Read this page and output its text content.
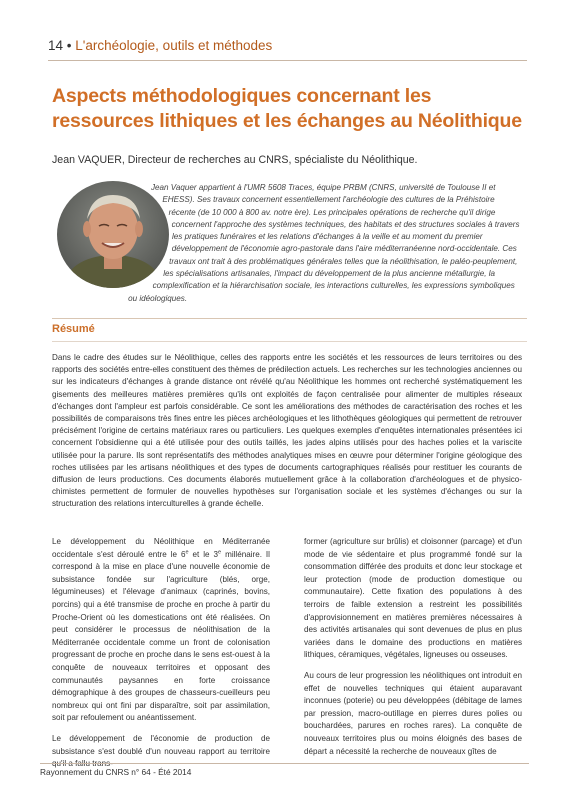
14 • L'archéologie, outils et méthodes
Aspects méthodologiques concernant les ressources lithiques et les échanges au Néolithique
Jean VAQUER, Directeur de recherches au CNRS, spécialiste du Néolithique.
Jean Vaquer appartient à l'UMR 5608 Traces, équipe PRBM (CNRS, université de Toulouse II et EHESS). Ses travaux concernent essentiellement l'archéologie des cultures de la Préhistoire récente (de 10 000 à 800 av. notre ère). Les principales opérations de recherche qu'il dirige concernent l'approche des systèmes techniques, des habitats et des structures sociales à travers les pratiques funéraires et les relations d'échanges à la veille et au moment du premier développement de l'économie agro-pastorale dans l'aire méditerranéenne nord-occidentale. Ces travaux ont trait à des problématiques générales telles que la néolithisation, le paléo-peuplement, les spécialisations artisanales, l'impact du développement de la plus ancienne métallurgie, la complexification et la hiérarchisation sociale, les interactions culturelles, les expressions symboliques ou idéologiques.
Résumé
Dans le cadre des études sur le Néolithique, celles des rapports entre les sociétés et les ressources de leurs territoires ou des rapports des sociétés entre-elles constituent des thèmes de prédilection actuels. Les recherches sur les technologies anciennes ou sur les indicateurs d'échanges à grande distance ont révélé qu'au Néolithique les hommes ont recherché systématiquement les gisements des meilleures matières premières qu'ils ont exploités de façon centralisée pour alimenter de multiples réseaux d'échanges dont l'ampleur est parfois considérable. Ce sont les améliorations des méthodes de caractérisation des roches et les possibilités de comparaisons très fines entre les pièces archéologiques et les lithothèques géologiques qui permettent de retrouver précisément l'origine de certains matériaux rares ou particuliers. Les quelques exemples d'enquêtes internationales présentées ici concernent l'obsidienne qui a été utilisée pour des outils taillés, les jades alpins utilisés pour des haches polies et la variscite utilisée pour la parure. Ils sont représentatifs des méthodes analytiques mises en œuvre pour déterminer l'origine géologique des roches utilisées par les artisans néolithiques et des types de documents cartographiques réalisés pour restituer les courants de diffusion de leurs productions. Ces documents élaborés mutuellement grâce à la collaboration d'archéologues et de physico-chimistes permettent de formuler de nouvelles hypothèses sur l'organisation sociale et les systèmes d'échanges ou sur la structuration des relations interculturelles à grande échelle.

Le développement du Néolithique en Méditerranée occidentale s'est déroulé entre le 6e et le 3e millénaire. Il correspond à la mise en place d'une nouvelle économie de subsistance fondée sur l'agriculture (blés, orge, légumineuses) et l'élevage d'animaux (caprinés, bovins, porcins) qui a été transmise de proche en proche à partir du Proche-Orient où les domestications ont été réalisées. On peut considérer le processus de néolithisation de la Méditerranée occidentale comme un front de colonisation progressant de proche en proche dans le sens est-ouest à la conquête de nouveaux territoires et opposant des communautés paysannes en forte croissance démographique à des groupes de chasseurs-cueilleurs peu nombreux qui ont fini par disparaître, soit par assimilation, soit par refoulement ou anéantissement.

Le développement de l'économie de production de subsistance s'est doublé d'un nouveau rapport au territoire

former (agriculture sur brûlis) et cloisonner (parcage) et d'un mode de vie sédentaire et plus programmé fondé sur la consommation différée des produits et donc leur stockage et leur protection (mode de production domestique ou communautaire). Cette fixation des populations à des terroirs de faible extension a restreint les possibilités d'approvisionnement en matières premières nécessaires à des activités artisanales qui sont devenues de plus en plus variées dans le domaine des productions en matières lithiques, céramiques, végétales, ligneuses ou osseuses.

Au cours de leur progression les néolithiques ont introduit en effet de nouvelles techniques qui étaient auparavant inconnues (poterie) ou peu développées (débitage de lames par pression, macro-outillage en pierres dures polies ou bouchardées, parures en roches rares). La conquête de nouveaux territoires plus ou moins éloignés des bases de départ a nécessité la recherche de nouveaux gîtes de

Rayonnement du CNRS n° 64 - Été 2014
